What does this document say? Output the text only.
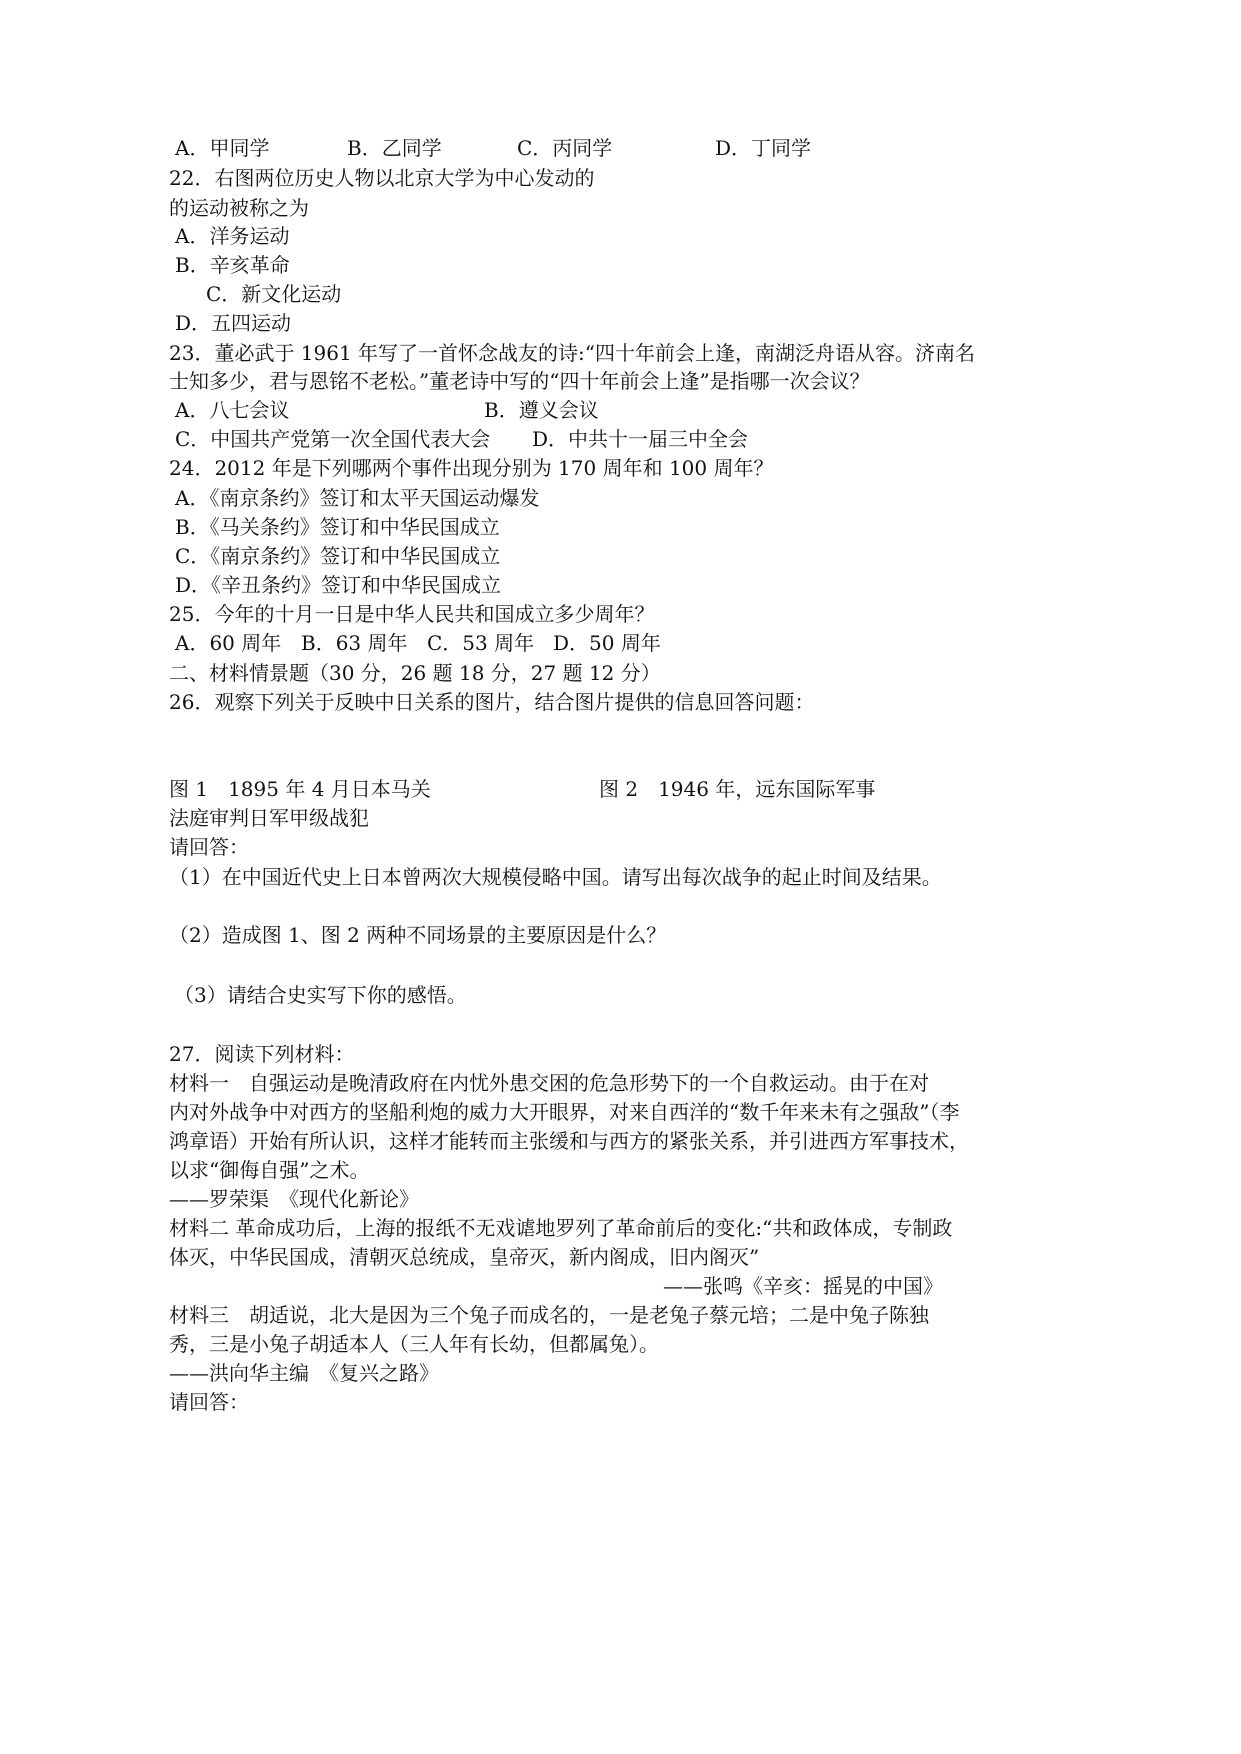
A．甲同学	B．乙同学	C．丙同学	D．丁同学
22．右图两位历史人物以北京大学为中心发动的
的运动被称之为
A．洋务运动
B．辛亥革命
C．新文化运动
D．五四运动
23．董必武于 1961 年写了一首怀念战友的诗:“四十年前会上逢，南湖泛舟语从容。济南名
士知多少，君与恩铭不老松。”董老诗中写的“四十年前会上逢”是指哪一次会议？
A．八七会议	B．遵义会议
C．中国共产党第一次全国代表大会 D．中共十一届三中全会
24．2012 年是下列哪两个事件出现分别为 170 周年和 100 周年？
A．《南京条约》签订和太平天国运动爆发
B．《马关条约》签订和中华民国成立
C．《南京条约》签订和中华民国成立
D．《辛丑条约》签订和中华民国成立
25．今年的十月一日是中华人民共和国成立多少周年？
A．60 周年 B．63 周年 C．53 周年 D．50 周年
二、材料情景题（30 分，26 题 18 分，27 题 12 分）
26．观察下列关于反映中日关系的图片，结合图片提供的信息回答问题：
图 1　1895 年 4 月日本马关	图 2　1946 年，远东国际军事
法庭审判日军甲级战犯
请回答：
（1）在中国近代史上日本曾两次大规模侵略中国。请写出每次战争的起止时间及结果。
（2）造成图 1、图 2 两种不同场景的主要原因是什么？
（3）请结合史实写下你的感悟。
27．阅读下列材料：
材料一　自强运动是晚清政府在内忧外患交困的危急形势下的一个自救运动。由于在对
内对外战争中对西方的坚船利炮的威力大开眼界，对来自西洋的“数千年来未有之强敌”（李
鸿章语）开始有所认识，这样才能转而主张缓和与西方的紧张关系，并引进西方军事技术，
以求“御侮自强”之术。
——罗荣渠　《现代化新论》
材料二 革命成功后，上海的报纸不无戏谑地罗列了革命前后的变化:“共和政体成，专制政
体灭，中华民国成，清朝灭总统成，皇帝灭，新内阁成，旧内阁灭”
——张鸣《辛亥：摇晃的中国》
材料三　胡适说，北大是因为三个兔子而成名的，一是老兔子蔡元培；二是中兔子陈独
秀，三是小兔子胡适本人（三人年有长幼，但都属兔）。
——洪向华主编　《复兴之路》
请回答：
